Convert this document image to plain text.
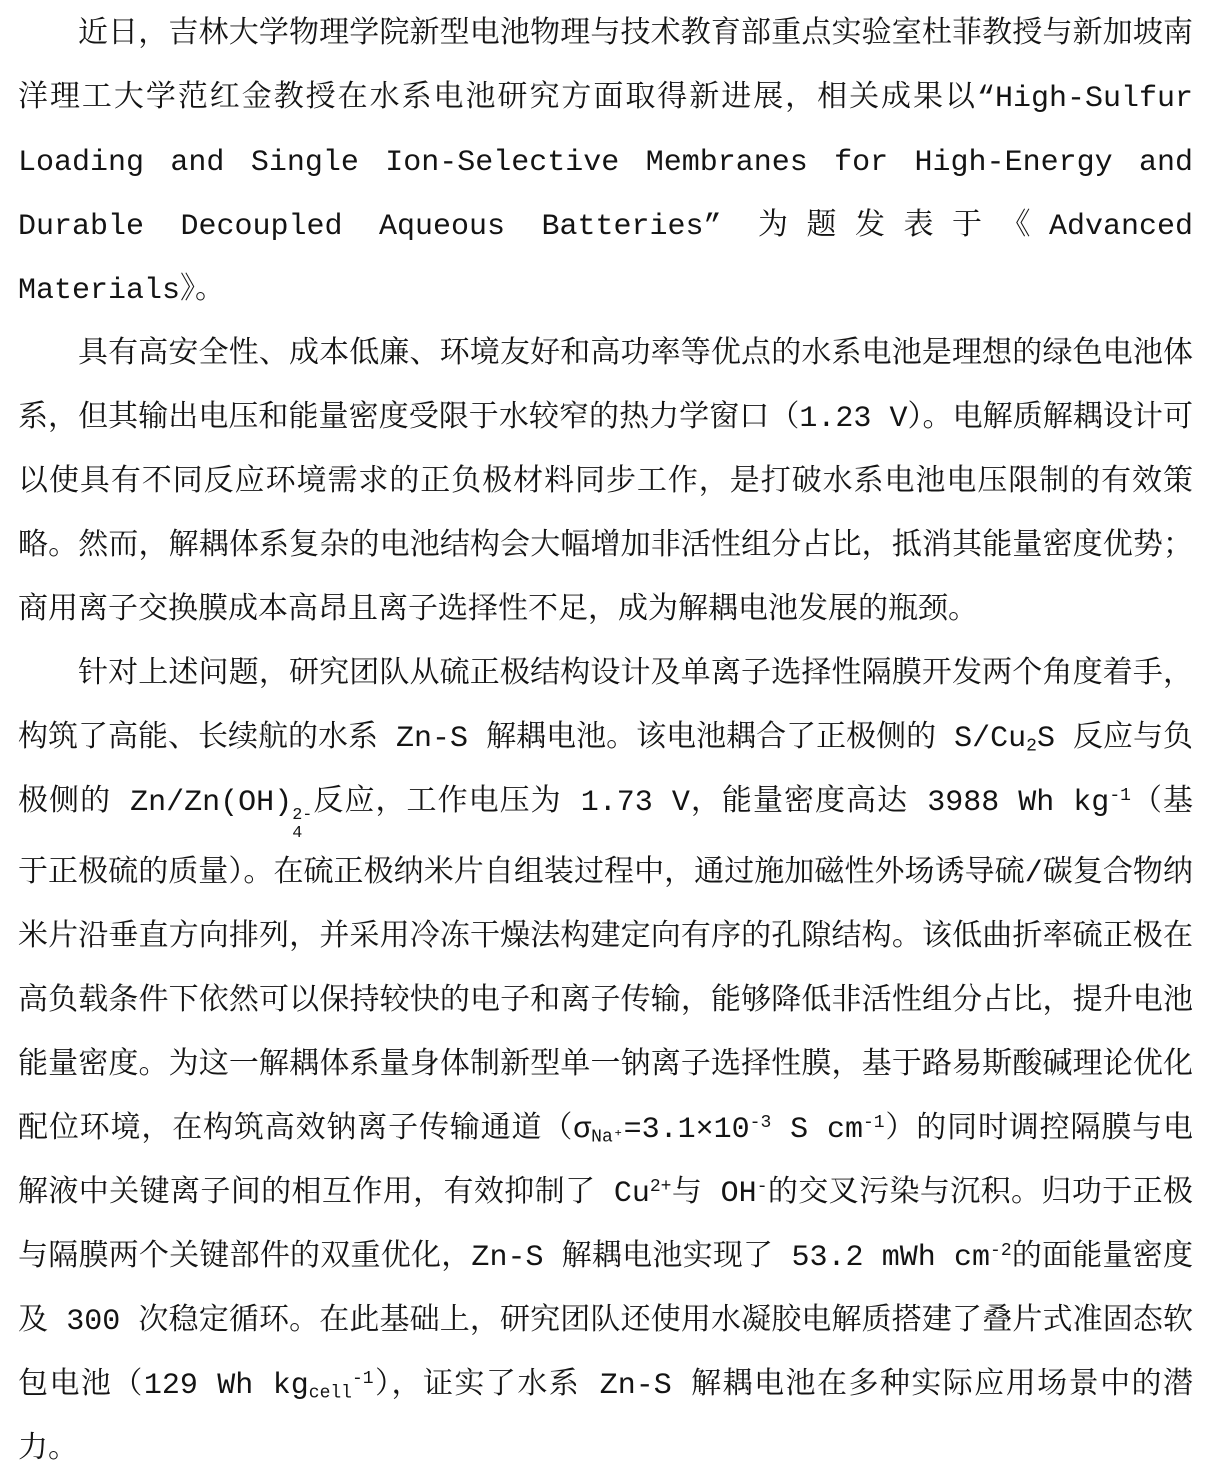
近日，吉林大学物理学院新型电池物理与技术教育部重点实验室杜菲教授与新加坡南洋理工大学范红金教授在水系电池研究方面取得新进展，相关成果以“High-Sulfur Loading and Single Ion-Selective Membranes for High-Energy and Durable Decoupled Aqueous Batteries” 为题发表于《Advanced Materials》。

具有高安全性、成本低廉、环境友好和高功率等优点的水系电池是理想的绿色电池体系，但其输出电压和能量密度受限于水较窄的热力学窗口（1.23 V）。电解质解耦设计可以使具有不同反应环境需求的正负极材料同步工作，是打破水系电池电压限制的有效策略。然而，解耦体系复杂的电池结构会大幅增加非活性组分占比，抵消其能量密度优势；商用离子交换膜成本高昂且离子选择性不足，成为解耦电池发展的瓶颈。

针对上述问题，研究团队从硫正极结构设计及单离子选择性隔膜开发两个角度着手，构筑了高能、长续航的水系 Zn-S 解耦电池。该电池耦合了正极侧的 $S/Cu_2S$ 反应与负极侧的 Zn/Zn(OH) 2-
4
反应，工作电压为 1.73 V，能量密度高达 3988 Wh $kg^{-1}$（基于正极硫的质量）。在硫正极纳米片自组装过程中，通过施加磁性外场诱导硫/碳复合物纳米片沿垂直方向排列，并采用冷冻干燥法构建定向有序的孔隙结构。该低曲折率硫正极在高负载条件下依然可以保持较快的电子和离子传输，能够降低非活性组分占比，提升电池能量密度。为这一解耦体系量身体制新型单一钠离子选择性膜，基于路易斯酸碱理论优化配位环境，在构筑高效钠离子传输通道（$\sigma_{Na^+}=3.1\times 10^{-3}$ S $cm^{-1}$）的同时调控隔膜与电解液中关键离子间的相互作用，有效抑制了 $Cu^{2+}$与 OH-的交叉污染与沉积。归功于正极与隔膜两个关键部件的双重优化，Zn-S 解耦电池实现了 53.2 mWh $cm^{-2}$的面能量密度及 300 次稳定循环。在此基础上，研究团队还使用水凝胶电解质搭建了叠片式准固态软包电池（129 Wh $kg_{cell}^{-1}$），证实了水系 Zn-S 解耦电池在多种实际应用场景中的潜力。
